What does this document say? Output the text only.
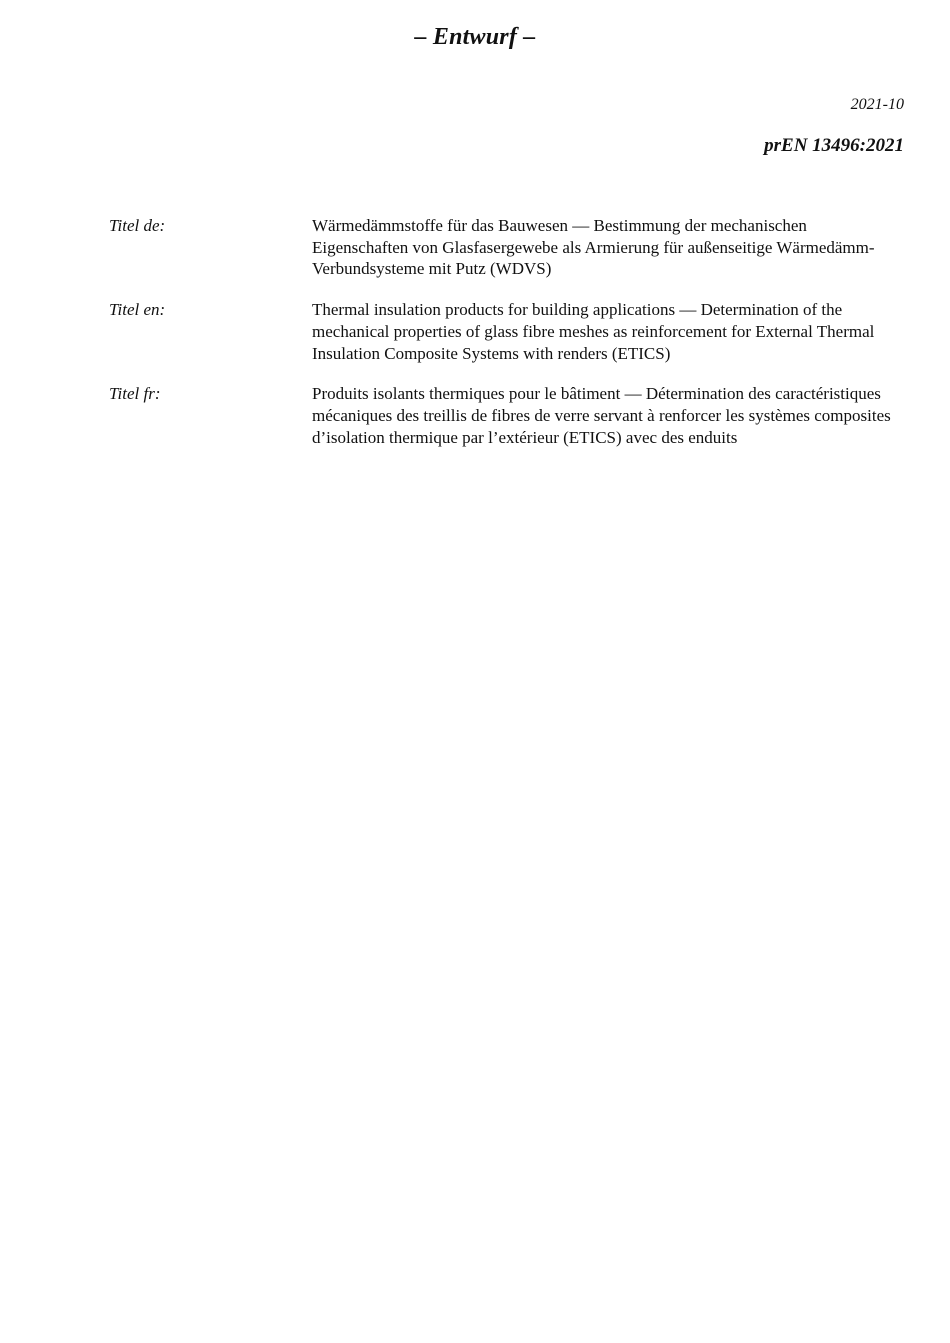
– Entwurf –
2021-10
prEN 13496:2021
Titel de:	Wärmedämmstoffe für das Bauwesen — Bestimmung der mechanischen Eigenschaften von Glasfasergewebe als Armierung für außenseitige Wärmedämm-Verbundsysteme mit Putz (WDVS)
Titel en:	Thermal insulation products for building applications — Determination of the mechanical properties of glass fibre meshes as reinforcement for External Thermal Insulation Composite Systems with renders (ETICS)
Titel fr:	Produits isolants thermiques pour le bâtiment — Détermination des caractéristiques mécaniques des treillis de fibres de verre servant à renforcer les systèmes composites d’isolation thermique par l’extérieur (ETICS) avec des enduits
